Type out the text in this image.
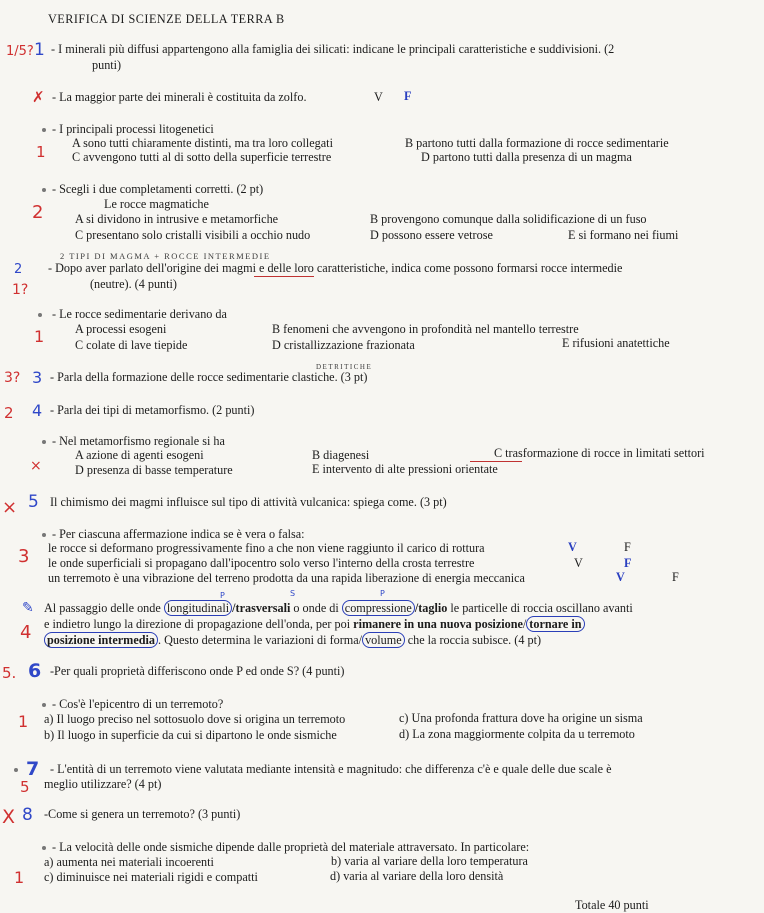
VERIFICA DI SCIENZE DELLA TERRA B
1/5? 1 - I minerali più diffusi appartengono alla famiglia dei silicati: indicane le principali caratteristiche e suddivisioni. (2
punti)
✗ - La maggior parte dei minerali è costituita da zolfo.	V F
- I principali processi litogenetici
1 A sono tutti chiaramente distinti, ma tra loro collegati	B partono tutti dalla formazione di rocce sedimentarie
C avvengono tutti al di sotto della superficie terrestre	D partono tutti dalla presenza di un magma
- Scegli i due completamenti corretti. (2 pt)
Le rocce magmatiche
2	A si dividono in intrusive e metamorfiche	B provengono comunque dalla solidificazione di un fuso
C presentano solo cristalli visibili a occhio nudo	D possono essere vetrose	E si formano nei fiumi
2 TIPI DI MAGMA + ROCCE INTERMEDIE
2 - Dopo aver parlato dell'origine dei magmi e delle loro caratteristiche, indica come possono formarsi rocce intermedie
1?	(neutre). (4 punti)
- Le rocce sedimentarie derivano da
1	A processi esogeni	B fenomeni che avvengono in profondità nel mantello terrestre
C colate di lave tiepide	D cristallizzazione frazionata	E rifusioni anatettiche
DETRITICHE
3? 3 - Parla della formazione delle rocce sedimentarie clastiche. (3 pt)
2 4 - Parla dei tipi di metamorfismo. (2 punti)
- Nel metamorfismo regionale si ha
A azione di agenti esogeni	B diagenesi	C trasformazione di rocce in limitati settori
×	D presenza di basse temperature	E intervento di alte pressioni orientate
× 5 Il chimismo dei magmi influisce sul tipo di attività vulcanica: spiega come. (3 pt)
- Per ciascuna affermazione indica se è vera o falsa:
3 le rocce si deformano progressivamente fino a che non viene raggiunto il carico di rottura	V	F
le onde superficiali si propagano dall'ipocentro solo verso l'interno della crosta terrestre	V	F
un terremoto è una vibrazione del terreno prodotta da una rapida liberazione di energia meccanica	V	F
P	S	P
✎ Al passaggio delle onde longitudinali /trasversali o onde di compressione /taglio le particelle di roccia oscillano avanti
4 e indietro lungo la direzione di propagazione dell'onda, per poi rimanere in una nuova posizione/ tornare in
posizione intermedia . Questo determina le variazioni di forma/ volume che la roccia subisce. (4 pt)
5. 6 -Per quali proprietà differiscono onde P ed onde S? (4 punti)
- Cos'è l'epicentro di un terremoto?
1 a) Il luogo preciso nel sottosuolo dove si origina un terremoto	c) Una profonda frattura dove ha origine un sisma
b) Il luogo in superficie da cui si dipartono le onde sismiche	d) La zona maggiormente colpita da u terremoto
7 - L'entità di un terremoto viene valutata mediante intensità e magnitudo: che differenza c'è e quale delle due scale è
5 meglio utilizzare? (4 pt)
X 8 -Come si genera un terremoto? (3 punti)
- La velocità delle onde sismiche dipende dalle proprietà del materiale attraversato. In particolare:
a) aumenta nei materiali incoerenti	b) varia al variare della loro temperatura
1 c) diminuisce nei materiali rigidi e compatti	d) varia al variare della loro densità
Totale 40 punti
